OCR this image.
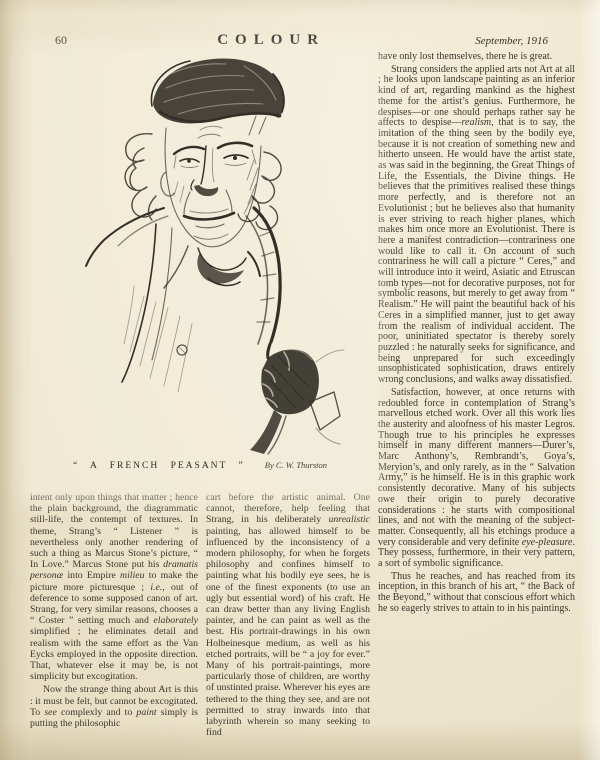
60	COLOUR	September, 1916
“ A FRENCH PEASANT ” By C. W. Thurston

intent only upon things that matter ; hence the plain background, the diagrammatic still-life, the contempt of textures. In theme, Strang’s “ Listener ” is nevertheless only another rendering of such a thing as Marcus Stone’s picture, “ In Love.” Marcus Stone put his dramatis personæ into Empire milieu to make the picture more picturesque ; i.e., out of deference to some supposed canon of art. Strang, for very similar reasons, chooses a “ Coster ” setting much and elaborately simplified ; he eliminates detail and realism with the same effort as the Van Eycks employed in the opposite direction. That, whatever else it may be, is not simplicity but excogitation.

Now the strange thing about Art is this : it must be felt, but cannot be excogitated. To see complexly and to paint simply is putting the philosophic

cart before the artistic animal. One cannot, therefore, help feeling that Strang, in his deliberately unrealistic painting, has allowed himself to be influenced by the inconsistency of a modern philosophy, for when he forgets philosophy and confines himself to painting what his bodily eye sees, he is one of the finest exponents (to use an ugly but essential word) of his craft. He can draw better than any living English painter, and he can paint as well as the best. His portrait-drawings in his own Holbeinesque medium, as well as his etched portraits, will be “ a joy for ever.” Many of his portrait-paintings, more particularly those of children, are worthy of unstinted praise. Wherever his eyes are tethered to the thing they see, and are not permitted to stray inwards into that labyrinth wherein so many seeking to find

have only lost themselves, there he is great.

Strang considers the applied arts not Art at all ; he looks upon landscape painting as an inferior kind of art, regarding mankind as the highest theme for the artist’s genius. Furthermore, he despises—or one should perhaps rather say he affects to despise—realism, that is to say, the imitation of the thing seen by the bodily eye, because it is not creation of something new and hitherto unseen. He would have the artist state, as was said in the beginning, the Great Things of Life, the Essentials, the Divine things. He believes that the primitives realised these things more perfectly, and is therefore not an Evolutionist ; but he believes also that humanity is ever striving to reach higher planes, which makes him once more an Evolutionist. There is here a manifest contradiction—contrariness one would like to call it. On account of such contrariness he will call a picture “ Ceres,” and will introduce into it weird, Asiatic and Etruscan tomb types—not for decorative purposes, not for symbolic reasons, but merely to get away from “ Realism.” He will paint the beautiful back of his Ceres in a simplified manner, just to get away from the realism of individual accident. The poor, uninitiated spectator is thereby sorely puzzled : he naturally seeks for significance, and being unprepared for such exceedingly unsophisticated sophistication, draws entirely wrong conclusions, and walks away dissatisfied.

Satisfaction, however, at once returns with redoubled force in contemplation of Strang’s marvellous etched work. Over all this work lies the austerity and aloofness of his master Legros. Though true to his principles he expresses himself in many different manners—Durer’s, Marc Anthony’s, Rembrandt’s, Goya’s, Meryion’s, and only rarely, as in the “ Salvation Army,” is he himself. He is in this graphic work consistently decorative. Many of his subjects owe their origin to purely decorative considerations : he starts with compositional lines, and not with the meaning of the subject-matter. Consequently, all his etchings produce a very considerable and very definite eye-pleasure. They possess, furthermore, in their very pattern, a sort of symbolic significance.

Thus he reaches, and has reached from its inception, in this branch of his art, “ the Back of the Beyond,” without that conscious effort which he so eagerly strives to attain to in his paintings.
